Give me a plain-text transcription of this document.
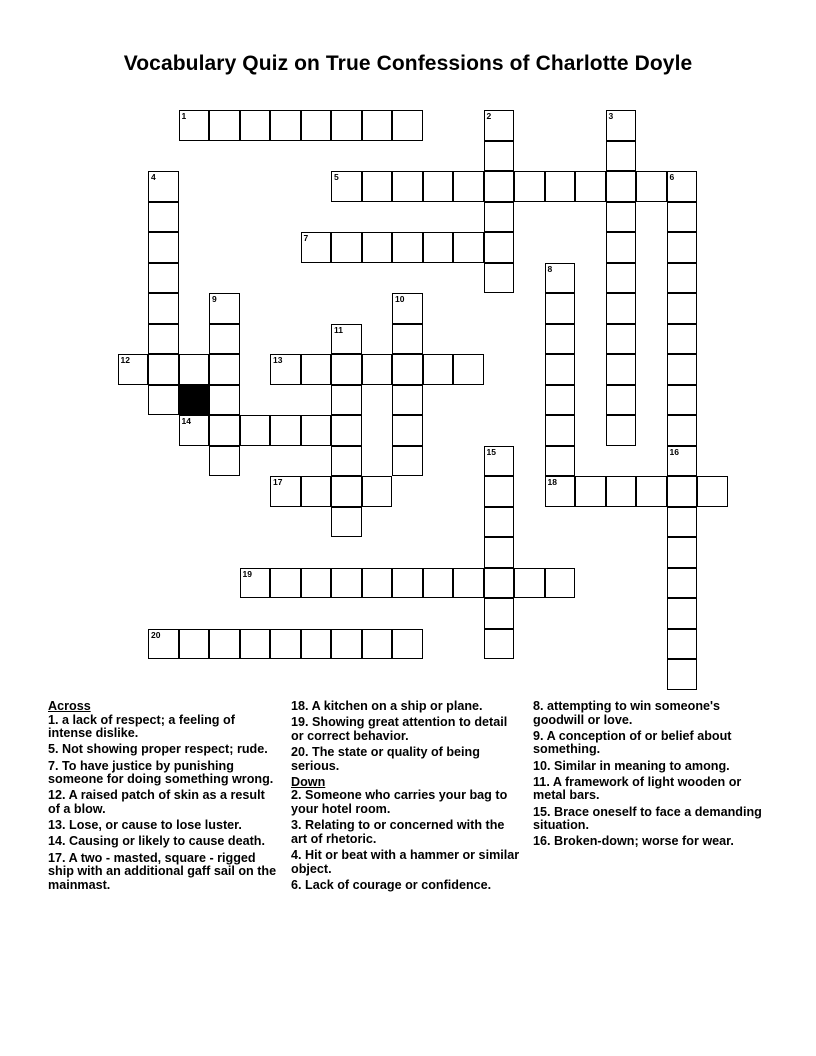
Vocabulary Quiz on True Confessions of Charlotte Doyle
1	2	3
4	5	6
7
8
18
9	10
11
12	13
14
15	16
17
19
20
Across
1. a lack of respect; a feeling of intense dislike.
5. Not showing proper respect; rude.
7. To have justice by punishing someone for doing something wrong.
12. A raised patch of skin as a result of a blow.
13. Lose, or cause to lose luster.
14. Causing or likely to cause death.
17. A two - masted, square - rigged ship with an additional gaff sail on the mainmast.
18. A kitchen on a ship or plane.
19. Showing great attention to detail or correct behavior.
20. The state or quality of being serious.
Down
2. Someone who carries your bag to your hotel room.
3. Relating to or concerned with the art of rhetoric.
4. Hit or beat with a hammer or similar object.
6. Lack of courage or confidence.
8. attempting to win someone's goodwill or love.
9. A conception of or belief about something.
10. Similar in meaning to among.
11. A framework of light wooden or metal bars.
15. Brace oneself to face a demanding situation.
16. Broken-down; worse for wear.
